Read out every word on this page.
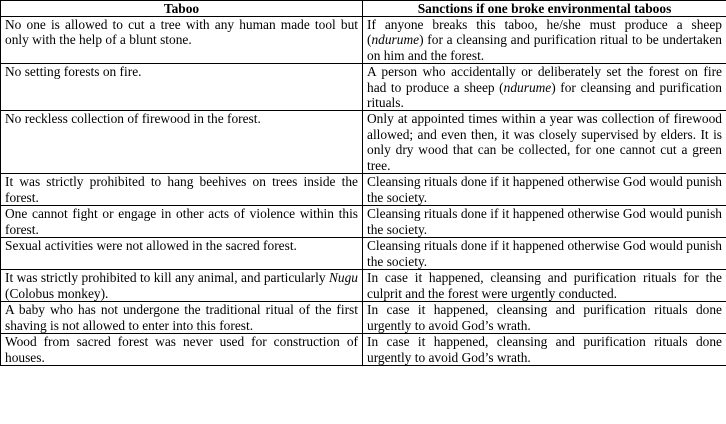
Taboo	Sanctions if one broke environmental taboos
No one is allowed to cut a tree with any human made tool but only with the help of a blunt stone.	If anyone breaks this taboo, he/she must produce a sheep (ndurume) for a cleansing and purification ritual to be undertaken on him and the forest.
No setting forests on fire.	A person who accidentally or deliberately set the forest on fire had to produce a sheep (ndurume) for cleansing and purification rituals.
No reckless collection of firewood in the forest.	Only at appointed times within a year was collection of firewood allowed; and even then, it was closely supervised by elders. It is only dry wood that can be collected, for one cannot cut a green tree.
It was strictly prohibited to hang beehives on trees inside the forest.	Cleansing rituals done if it happened otherwise God would punish the society.
One cannot fight or engage in other acts of violence within this forest.	Cleansing rituals done if it happened otherwise God would punish the society.
Sexual activities were not allowed in the sacred forest.	Cleansing rituals done if it happened otherwise God would punish the society.
It was strictly prohibited to kill any animal, and particularly Nugu (Colobus monkey).	In case it happened, cleansing and purification rituals for the culprit and the forest were urgently conducted.
A baby who has not undergone the traditional ritual of the first shaving is not allowed to enter into this forest.	In case it happened, cleansing and purification rituals done urgently to avoid God’s wrath.
Wood from sacred forest was never used for construction of houses.	In case it happened, cleansing and purification rituals done urgently to avoid God’s wrath.
